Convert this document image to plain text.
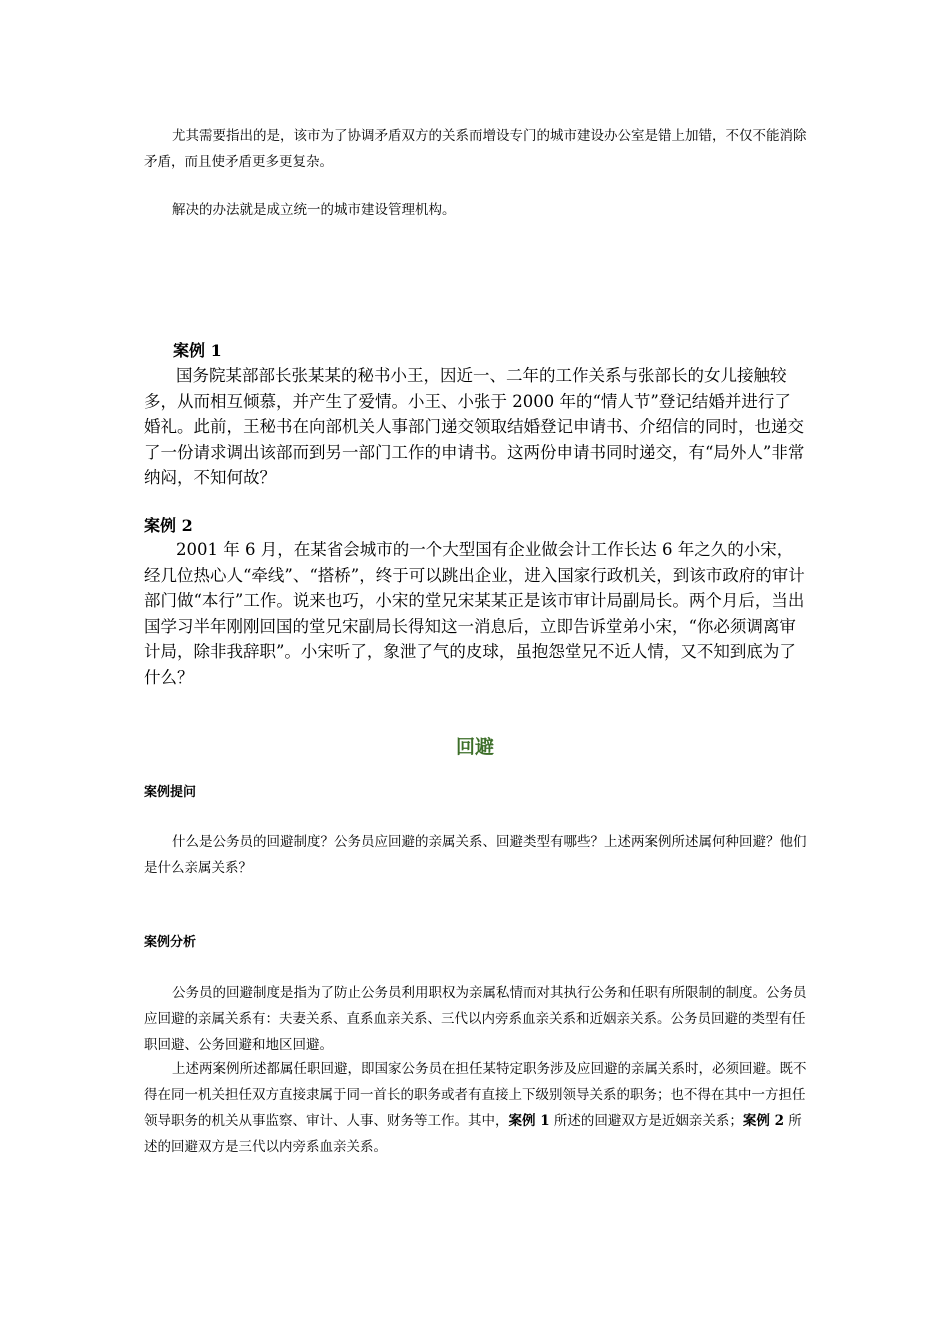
尤其需要指出的是，该市为了协调矛盾双方的关系而增设专门的城市建设办公室是错上加错，不仅不能消除矛盾，而且使矛盾更多更复杂。

解决的办法就是成立统一的城市建设管理机构。

案例 1

国务院某部部长张某某的秘书小王，因近一、二年的工作关系与张部长的女儿接触较多，从而相互倾慕，并产生了爱情。小王、小张于 2000 年的“情人节”登记结婚并进行了婚礼。此前，王秘书在向部机关人事部门递交领取结婚登记申请书、介绍信的同时，也递交了一份请求调出该部而到另一部门工作的申请书。这两份申请书同时递交，有“局外人”非常纳闷，不知何故？

案例 2

2001 年 6 月，在某省会城市的一个大型国有企业做会计工作长达 6 年之久的小宋，经几位热心人“牵线”、“搭桥”，终于可以跳出企业，进入国家行政机关，到该市政府的审计部门做“本行”工作。说来也巧，小宋的堂兄宋某某正是该市审计局副局长。两个月后，当出国学习半年刚刚回国的堂兄宋副局长得知这一消息后，立即告诉堂弟小宋，“你必须调离审计局，除非我辞职”。小宋听了，象泄了气的皮球，虽抱怨堂兄不近人情，又不知到底为了什么？

回避

案例提问

什么是公务员的回避制度？公务员应回避的亲属关系、回避类型有哪些？上述两案例所述属何种回避？他们是什么亲属关系？

案例分析

公务员的回避制度是指为了防止公务员利用职权为亲属私情而对其执行公务和任职有所限制的制度。公务员应回避的亲属关系有：夫妻关系、直系血亲关系、三代以内旁系血亲关系和近姻亲关系。公务员回避的类型有任职回避、公务回避和地区回避。

上述两案例所述都属任职回避，即国家公务员在担任某特定职务涉及应回避的亲属关系时，必须回避。既不得在同一机关担任双方直接隶属于同一首长的职务或者有直接上下级别领导关系的职务；也不得在其中一方担任领导职务的机关从事监察、审计、人事、财务等工作。其中，案例 1 所述的回避双方是近姻亲关系；案例 2 所述的回避双方是三代以内旁系血亲关系。
